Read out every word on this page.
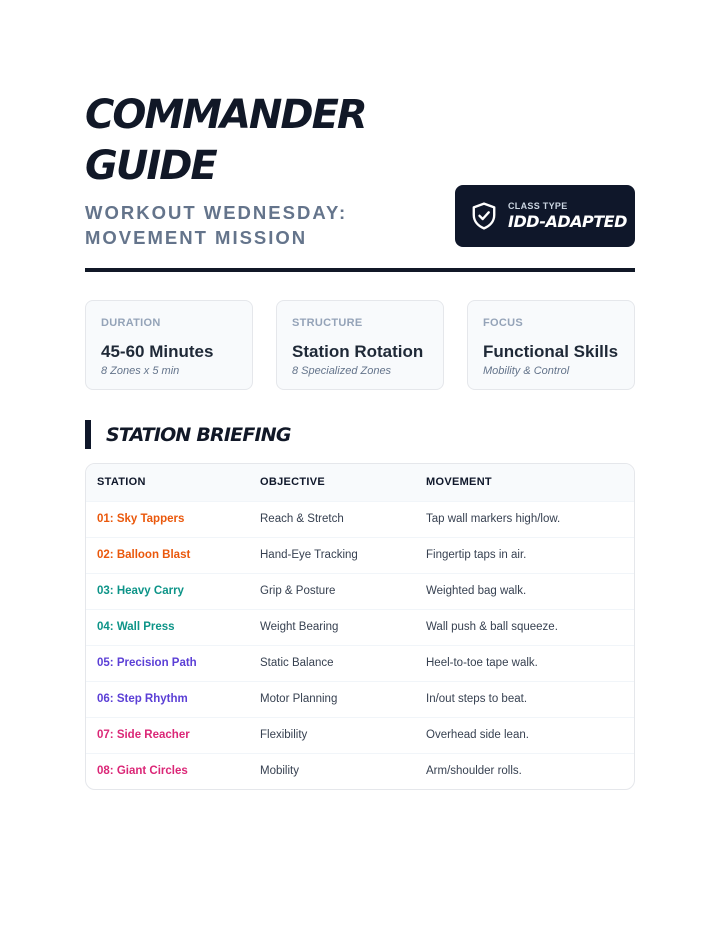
COMMANDER GUIDE
WORKOUT WEDNESDAY: MOVEMENT MISSION
CLASS TYPE
IDD-ADAPTED
DURATION
45-60 Minutes
8 Zones x 5 min
STRUCTURE
Station Rotation
8 Specialized Zones
FOCUS
Functional Skills
Mobility & Control
STATION BRIEFING
STATION	OBJECTIVE	MOVEMENT
01: Sky Tappers	Reach & Stretch	Tap wall markers high/low.
02: Balloon Blast	Hand-Eye Tracking	Fingertip taps in air.
03: Heavy Carry	Grip & Posture	Weighted bag walk.
04: Wall Press	Weight Bearing	Wall push & ball squeeze.
05: Precision Path	Static Balance	Heel-to-toe tape walk.
06: Step Rhythm	Motor Planning	In/out steps to beat.
07: Side Reacher	Flexibility	Overhead side lean.
08: Giant Circles	Mobility	Arm/shoulder rolls.
